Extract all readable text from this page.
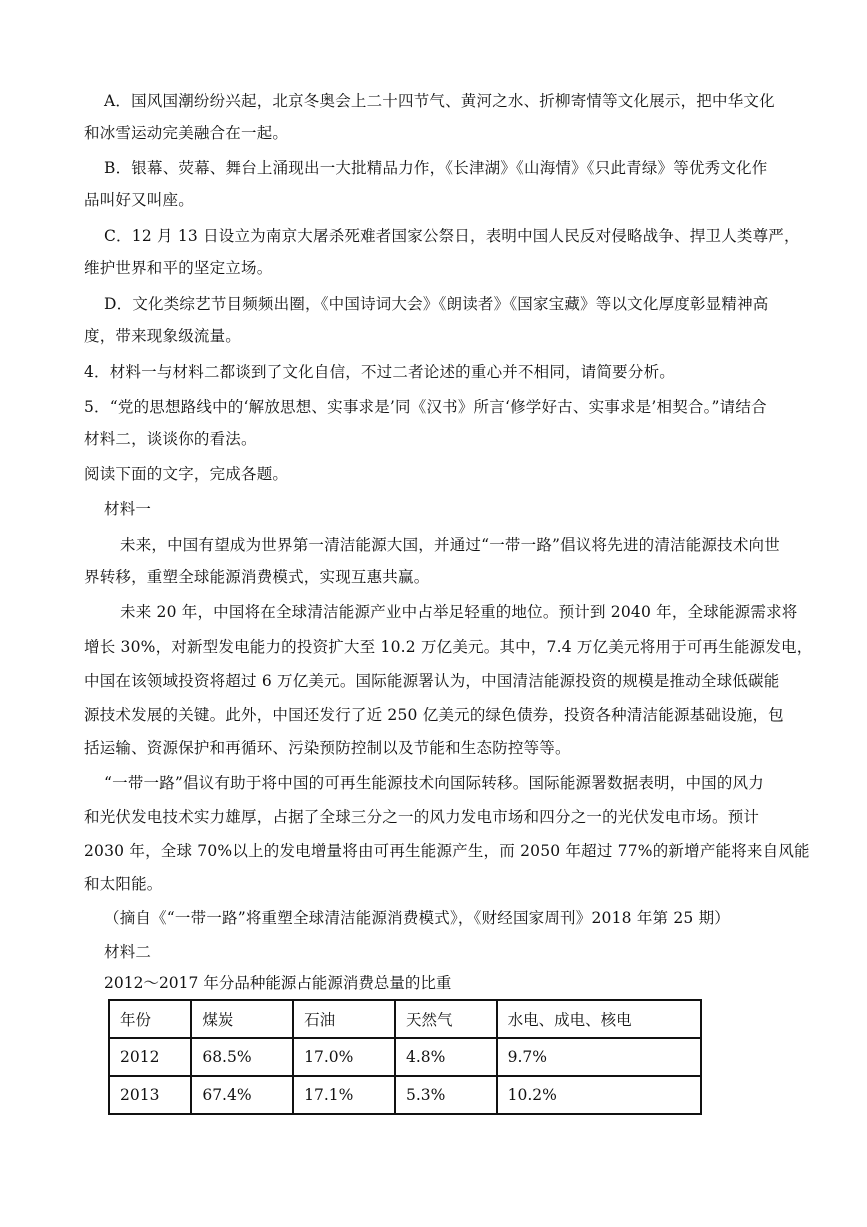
A．国风国潮纷纷兴起，北京冬奥会上二十四节气、黄河之水、折柳寄情等文化展示，把中华文化
和冰雪运动完美融合在一起。
B．银幕、荧幕、舞台上涌现出一大批精品力作，《长津湖》《山海情》《只此青绿》等优秀文化作
品叫好又叫座。
C．12 月 13 日设立为南京大屠杀死难者国家公祭日，表明中国人民反对侵略战争、捍卫人类尊严，
维护世界和平的坚定立场。
D．文化类综艺节目频频出圈，《中国诗词大会》《朗读者》《国家宝藏》等以文化厚度彰显精神高
度，带来现象级流量。
4．材料一与材料二都谈到了文化自信，不过二者论述的重心并不相同，请简要分析。
5．“党的思想路线中的‘解放思想、实事求是’同《汉书》所言‘修学好古、实事求是’相契合。”请结合
材料二，谈谈你的看法。
阅读下面的文字，完成各题。
材料一
未来，中国有望成为世界第一清洁能源大国，并通过“一带一路”倡议将先进的清洁能源技术向世
界转移，重塑全球能源消费模式，实现互惠共赢。
未来 20 年，中国将在全球清洁能源产业中占举足轻重的地位。预计到 2040 年，全球能源需求将
增长 30%，对新型发电能力的投资扩大至 10.2 万亿美元。其中，7.4 万亿美元将用于可再生能源发电，
中国在该领域投资将超过 6 万亿美元。国际能源署认为，中国清洁能源投资的规模是推动全球低碳能
源技术发展的关键。此外，中国还发行了近 250 亿美元的绿色债券，投资各种清洁能源基础设施，包
括运输、资源保护和再循环、污染预防控制以及节能和生态防控等等。
“一带一路”倡议有助于将中国的可再生能源技术向国际转移。国际能源署数据表明，中国的风力
和光伏发电技术实力雄厚，占据了全球三分之一的风力发电市场和四分之一的光伏发电市场。预计
2030 年，全球 70%以上的发电增量将由可再生能源产生，而 2050 年超过 77%的新增产能将来自风能
和太阳能。
（摘自《“一带一路”将重塑全球清洁能源消费模式》，《财经国家周刊》2018 年第 25 期）
材料二
2012～2017 年分品种能源占能源消费总量的比重
年份	煤炭	石油	天然气	水电、成电、核电
2012	68.5%	17.0%	4.8%	9.7%
2013	67.4%	17.1%	5.3%	10.2%
